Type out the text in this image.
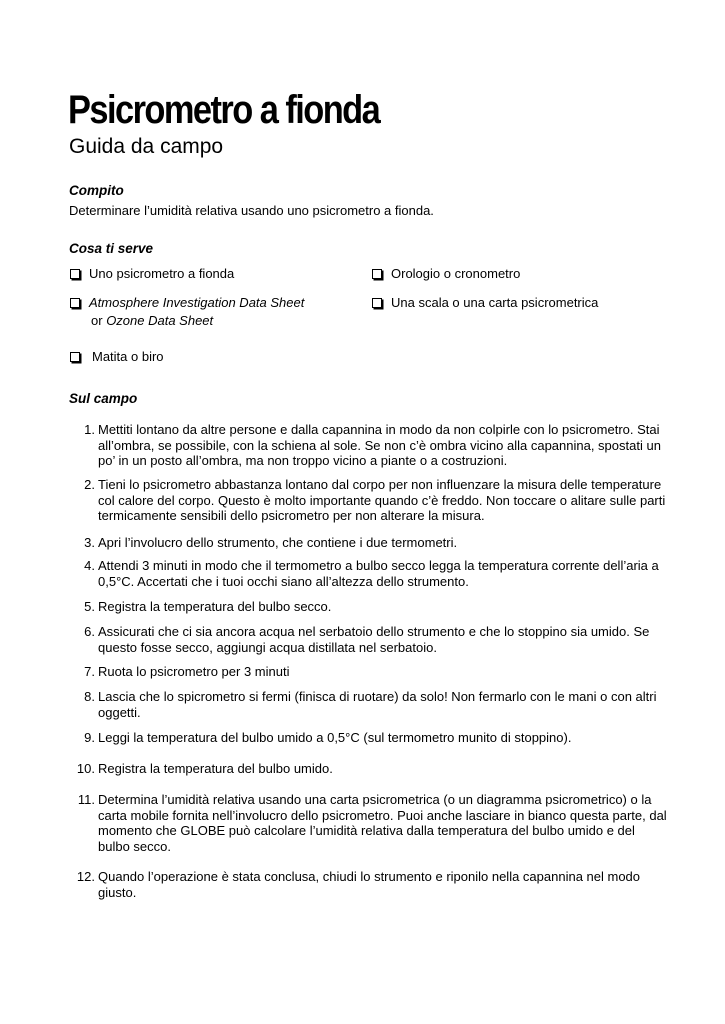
Psicrometro a fionda
Guida da campo
Compito

Determinare l’umidità relativa usando uno psicrometro a fionda.

Cosa ti serve
Uno psicrometro a fionda	Orologio o cronometro
Atmosphere Investigation Data Sheet
or Ozone Data Sheet
Una scala o una carta psicrometrica
Matita o biro
Sul campo
1. Mettiti lontano da altre persone e dalla capannina in modo da non colpirle con lo psicrometro. Stai all’ombra, se possibile, con la schiena al sole. Se non c’è ombra vicino alla capannina, spostati un po’ in un posto all’ombra, ma non troppo vicino a piante o a costruzioni.
2. Tieni lo psicrometro abbastanza lontano dal corpo per non influenzare la misura delle temperature col calore del corpo. Questo è molto importante quando c’è freddo. Non toccare o alitare sulle parti termicamente sensibili dello psicrometro per non alterare la misura.
3. Apri l’involucro dello strumento, che contiene i due termometri.
4. Attendi 3 minuti in modo che il termometro a bulbo secco legga la temperatura corrente dell’aria a 0,5°C. Accertati che i tuoi occhi siano all’altezza dello strumento.
5. Registra la temperatura del bulbo secco.
6. Assicurati che ci sia ancora acqua nel serbatoio dello strumento e che lo stoppino sia umido. Se questo fosse secco, aggiungi acqua distillata nel serbatoio.
7. Ruota lo psicrometro per 3 minuti
8. Lascia che lo spicrometro si fermi (finisca di ruotare) da solo! Non fermarlo con le mani o con altri oggetti.
9. Leggi la temperatura del bulbo umido a 0,5°C (sul termometro munito di stoppino).
10. Registra la temperatura del bulbo umido.
11. Determina l’umidità relativa usando una carta psicrometrica (o un diagramma psicrometrico) o la carta mobile fornita nell’involucro dello psicrometro. Puoi anche lasciare in bianco questa parte, dal momento che GLOBE può calcolare l’umidità relativa dalla temperatura del bulbo umido e del bulbo secco.
12. Quando l’operazione è stata conclusa, chiudi lo strumento e riponilo nella capannina nel modo giusto.
